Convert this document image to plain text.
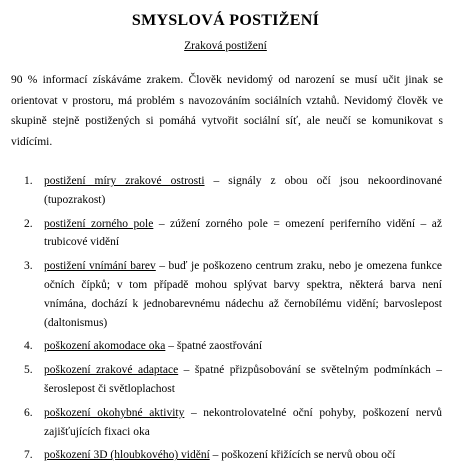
SMYSLOVÁ POSTIŽENÍ

Zraková postižení

90 % informací získáváme zrakem. Člověk nevidomý od narození se musí učit jinak se orientovat v prostoru, má problém s navozováním sociálních vztahů. Nevidomý člověk ve skupině stejně postižených si pomáhá vytvořit sociální síť, ale neučí se komunikovat s vidícími.

1. postižení míry zrakové ostrosti – signály z obou očí jsou nekoordinované (tupozrakost)
2. postižení zorného pole – zúžení zorného pole = omezení periferního vidění – až trubicové vidění
3. postižení vnímání barev – buď je poškozeno centrum zraku, nebo je omezena funkce očních čípků; v tom případě mohou splývat barvy spektra, některá barva není vnímána, dochází k jednobarevnému nádechu až černobílému vidění; barvoslepost (daltonismus)
4. poškození akomodace oka – špatné zaostřování
5. poškození zrakové adaptace – špatné přizpůsobování se světelným podmínkách – šeroslepost či světloplachost
6. poškození okohybné aktivity – nekontrolovatelné oční pohyby, poškození nervů zajišťujících fixaci oka
7. poškození 3D (hloubkového) vidění – poškození křižících se nervů obou očí
